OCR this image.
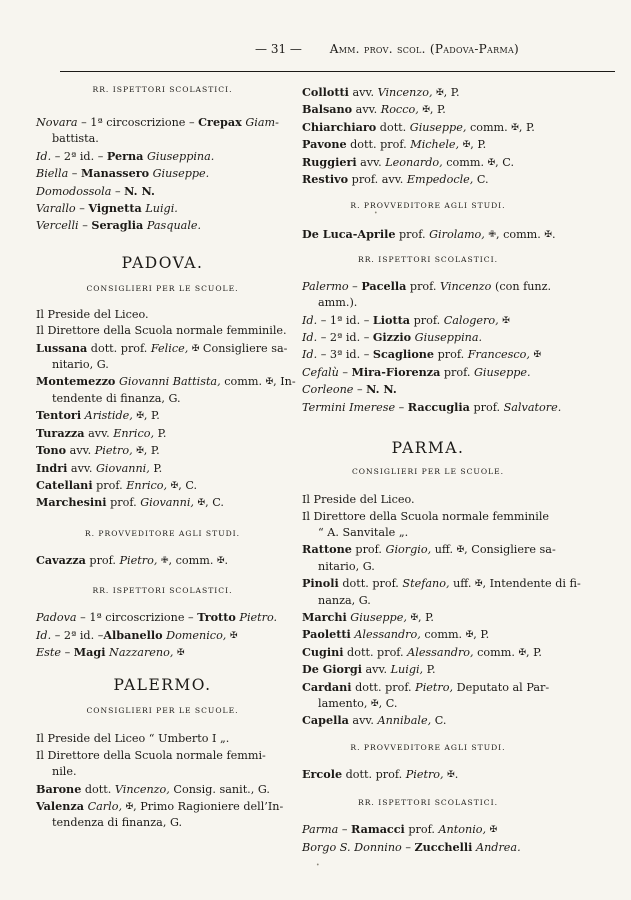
— 31 — Amm. prov. scol. (Padova-Parma)
RR. ISPETTORI SCOLASTICI.
Novara – 1ª circoscrizione – Crepax Giam-
battista.
Id. – 2ª id. – Perna Giuseppina.
Biella – Manassero Giuseppe.
Domodossola – N. N.
Varallo – Vignetta Luigi.
Vercelli – Seraglia Pasquale.
PADOVA.
CONSIGLIERI PER LE SCUOLE.
Il Preside del Liceo.
Il Direttore della Scuola normale femminile.
Lussana dott. prof. Felice, ✠ Consigliere sa-
nitario, G.
Montemezzo Giovanni Battista, comm. ✠, In-
tendente di finanza, G.
Tentori Aristide, ✠, P.
Turazza avv. Enrico, P.
Tono avv. Pietro, ✠, P.
Indri avv. Giovanni, P.
Catellani prof. Enrico, ✠, C.
Marchesini prof. Giovanni, ✠, C.
R. PROVVEDITORE AGLI STUDI.
Cavazza prof. Pietro, ✙, comm. ✠.
RR. ISPETTORI SCOLASTICI.
Padova – 1ª circoscrizione – Trotto Pietro.
Id. – 2ª id. –Albanello Domenico, ✠
Este – Magi Nazzareno, ✠
PALERMO.
CONSIGLIERI PER LE SCUOLE.
Il Preside del Liceo “ Umberto I „.
Il Direttore della Scuola normale femmi-
nile.
Barone dott. Vincenzo, Consig. sanit., G.
Valenza Carlo, ✠, Primo Ragioniere dell’In-
tendenza di finanza, G.
Collotti avv. Vincenzo, ✠, P.
Balsano avv. Rocco, ✠, P.
Chiarchiaro dott. Giuseppe, comm. ✠, P.
Pavone dott. prof. Michele, ✠, P.
Ruggieri avv. Leonardo, comm. ✠, C.
Restivo prof. avv. Empedocle, C.
R. PROVVEDITORE AGLI STUDI.
De Luca-Aprile prof. Girolamo, ✙, comm. ✠.
RR. ISPETTORI SCOLASTICI.
Palermo – Pacella prof. Vincenzo (con funz.
amm.).
Id. – 1ª id. – Liotta prof. Calogero, ✠
Id. – 2ª id. – Gizzio Giuseppina.
Id. – 3ª id. – Scaglione prof. Francesco, ✠
Cefalù – Mira-Fiorenza prof. Giuseppe.
Corleone – N. N.
Termini Imerese – Raccuglia prof. Salvatore.
PARMA.
CONSIGLIERI PER LE SCUOLE.
Il Preside del Liceo.
Il Direttore della Scuola normale femminile
“ A. Sanvitale „.
Rattone prof. Giorgio, uff. ✠, Consigliere sa-
nitario, G.
Pinoli dott. prof. Stefano, uff. ✠, Intendente di fi-
nanza, G.
Marchi Giuseppe, ✠, P.
Paoletti Alessandro, comm. ✠, P.
Cugini dott. prof. Alessandro, comm. ✠, P.
De Giorgi avv. Luigi, P.
Cardani dott. prof. Pietro, Deputato al Par-
lamento, ✠, C.
Capella avv. Annibale, C.
R. PROVVEDITORE AGLI STUDI.
Ercole dott. prof. Pietro, ✠.
RR. ISPETTORI SCOLASTICI.
Parma – Ramacci prof. Antonio, ✠
Borgo S. Donnino – Zucchelli Andrea.
•
•
